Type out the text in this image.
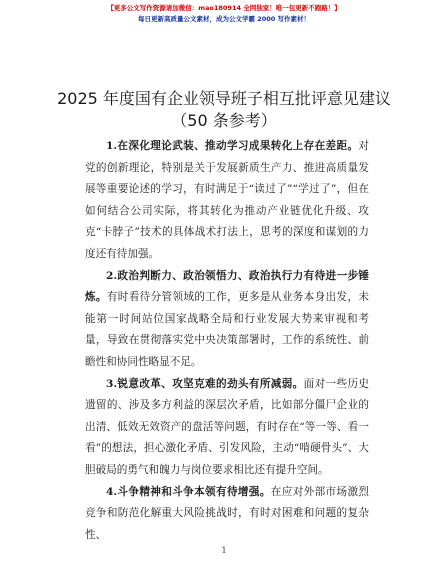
【更多公文写作资源请加微信：mao180914 全网独家！唯一包更新不跑路！】
每日更新高质量公文素材，成为公文学霸 2000 写作素材！
2025 年度国有企业领导班子相互批评意见建议
（50 条参考）

1.在深化理论武装、推动学习成果转化上存在差距。对党的创新理论，特别是关于发展新质生产力、推进高质量发展等重要论述的学习，有时满足于“读过了”“学过了”，但在如何结合公司实际，将其转化为推动产业链优化升级、攻克“卡脖子”技术的具体战术打法上，思考的深度和谋划的力度还有待加强。

2.政治判断力、政治领悟力、政治执行力有待进一步锤炼。有时看待分管领域的工作，更多是从业务本身出发，未能第一时间站位国家战略全局和行业发展大势来审视和考量，导致在贯彻落实党中央决策部署时，工作的系统性、前瞻性和协同性略显不足。

3.锐意改革、攻坚克难的劲头有所减弱。面对一些历史遗留的、涉及多方利益的深层次矛盾，比如部分僵尸企业的出清、低效无效资产的盘活等问题，有时存在“等一等、看一看”的想法，担心激化矛盾、引发风险，主动“啃硬骨头”、大胆破局的勇气和魄力与岗位要求相比还有提升空间。

4.斗争精神和斗争本领有待增强。在应对外部市场激烈竞争和防范化解重大风险挑战时，有时对困难和问题的复杂性、

1
